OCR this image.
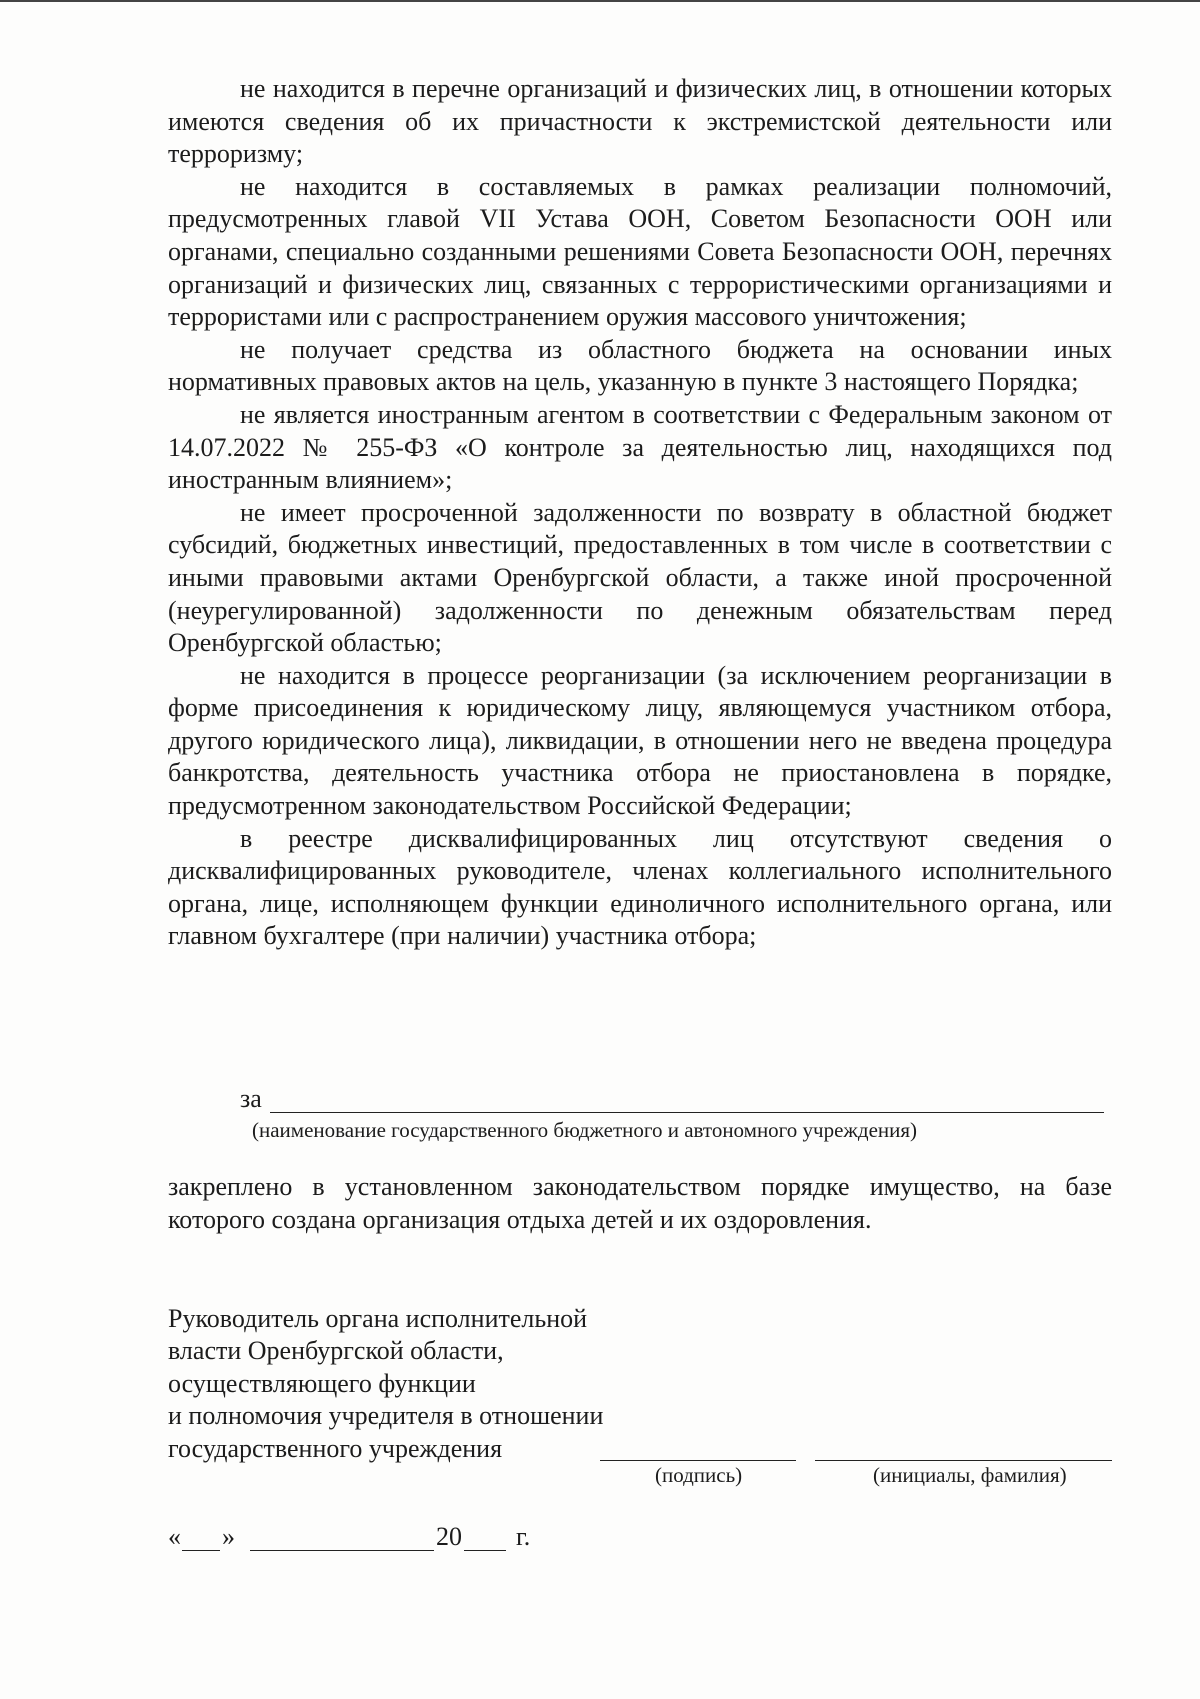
не находится в перечне организаций и физических лиц, в отношении которых имеются сведения об их причастности к экстремистской деятельности или терроризму;

не находится в составляемых в рамках реализации полномочий, предусмотренных главой VII Устава ООН, Советом Безопасности ООН или органами, специально созданными решениями Совета Безопасности ООН, перечнях организаций и физических лиц, связанных с террористическими организациями и террористами или с распространением оружия массового уничтожения;

не получает средства из областного бюджета на основании иных нормативных правовых актов на цель, указанную в пункте 3 настоящего Порядка;

не является иностранным агентом в соответствии с Федеральным законом от 14.07.2022 № 255-ФЗ «О контроле за деятельностью лиц, находящихся под иностранным влиянием»;

не имеет просроченной задолженности по возврату в областной бюджет субсидий, бюджетных инвестиций, предоставленных в том числе в соответствии с иными правовыми актами Оренбургской области, а также иной просроченной (неурегулированной) задолженности по денежным обязательствам перед Оренбургской областью;

не находится в процессе реорганизации (за исключением реорганизации в форме присоединения к юридическому лицу, являющемуся участником отбора, другого юридического лица), ликвидации, в отношении него не введена процедура банкротства, деятельность участника отбора не приостановлена в порядке, предусмотренном законодательством Российской Федерации;

в реестре дисквалифицированных лиц отсутствуют сведения о дисквалифицированных руководителе, членах коллегиального исполнительного органа, лице, исполняющем функции единоличного исполнительного органа, или главном бухгалтере (при наличии) участника отбора;

за
(наименование государственного бюджетного и автономного учреждения)

закреплено в установленном законодательством порядке имущество, на базе которого создана организация отдыха детей и их оздоровления.

Руководитель органа исполнительной
власти Оренбургской области,
осуществляющего функции
и полномочия учредителя в отношении
государственного учреждения
(подпись)	(инициалы, фамилия)
« »	20 г.
